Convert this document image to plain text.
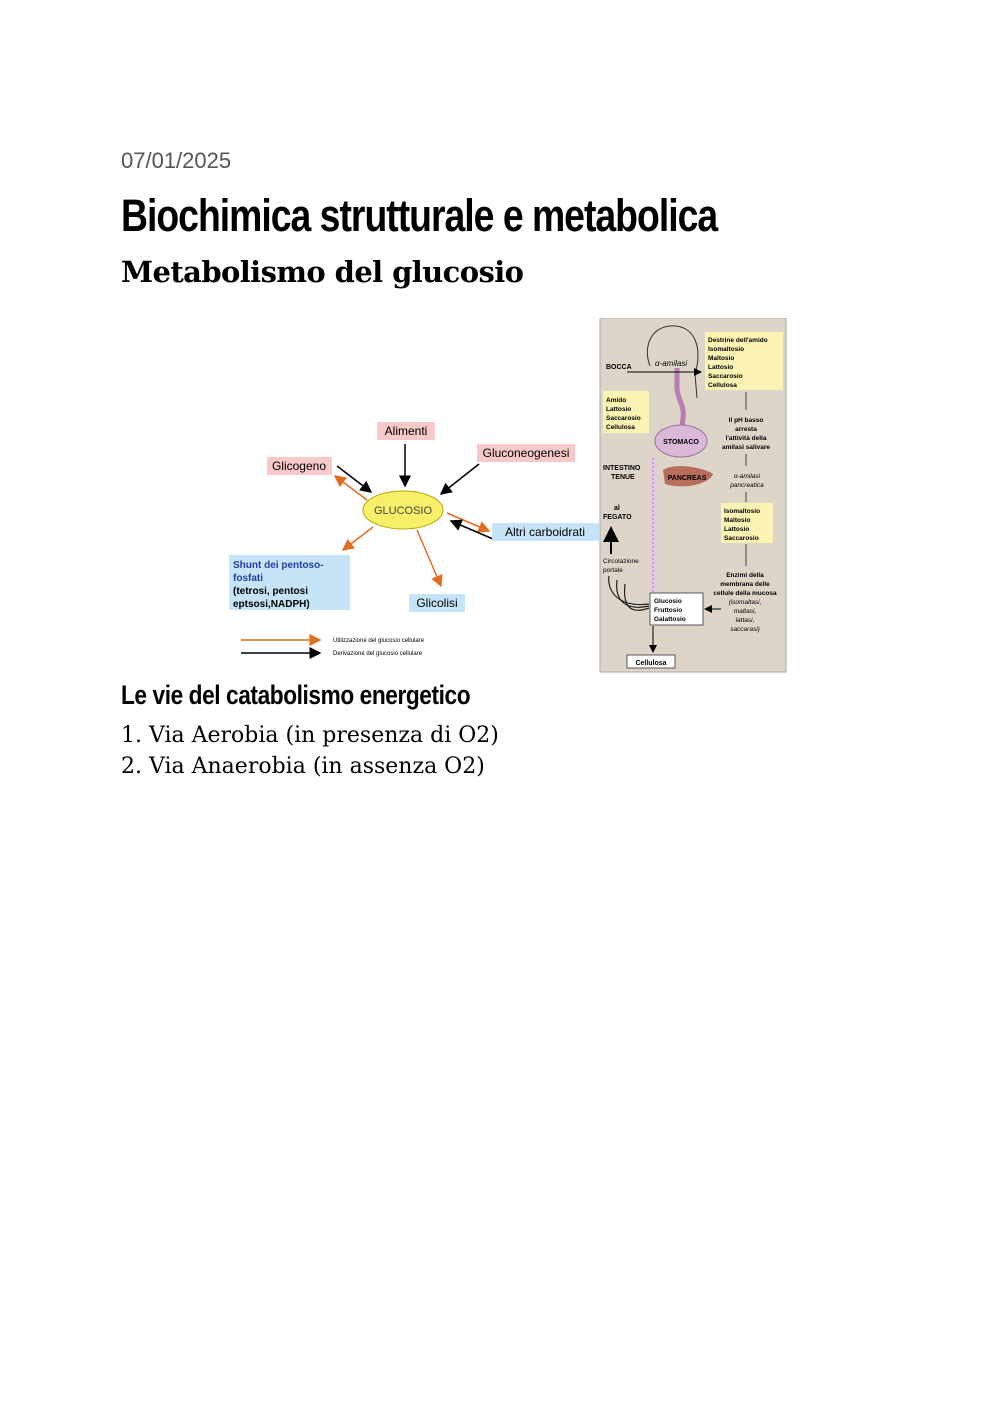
07/01/2025
Biochimica strutturale e metabolica
Metabolismo del glucosio
GLUCOSIO
Alimenti
Glicogeno
Gluconeogenesi
Altri carboidrati
Shunt dei pentoso-
fosfati
(tetrosi, pentosi
eptsosi,NADPH)	Glicolisi
Utilizzazione del glucosio cellulare
Derivazione del glucosio cellulare
STOMACO
PANCREAS
BOCCA	α-amilasi
Destrine dell'amido
Isomaltosio
Maltosio
Lattosio
Saccarosio
Cellulosa
Amido
Lattosio
Saccarosio
Cellulosa
Il pH basso
arresta
l'attività della
amilasi salivare
INTESTINO
TENUE	α-amilasi
pancreatica
al
FEGATO
Isomaltosio
Maltosio
Lattosio
Saccarosio
Circolazione
portale
Enzimi della
membrana delle
cellule della mucosa
(isomaltasi,
maltasi,
lattasi,
saccarasi)
Glucosio
Fruttosio
Galattosio
Cellulosa
Le vie del catabolismo energetico
1. Via Aerobia (in presenza di O2)
2. Via Anaerobia (in assenza O2)
